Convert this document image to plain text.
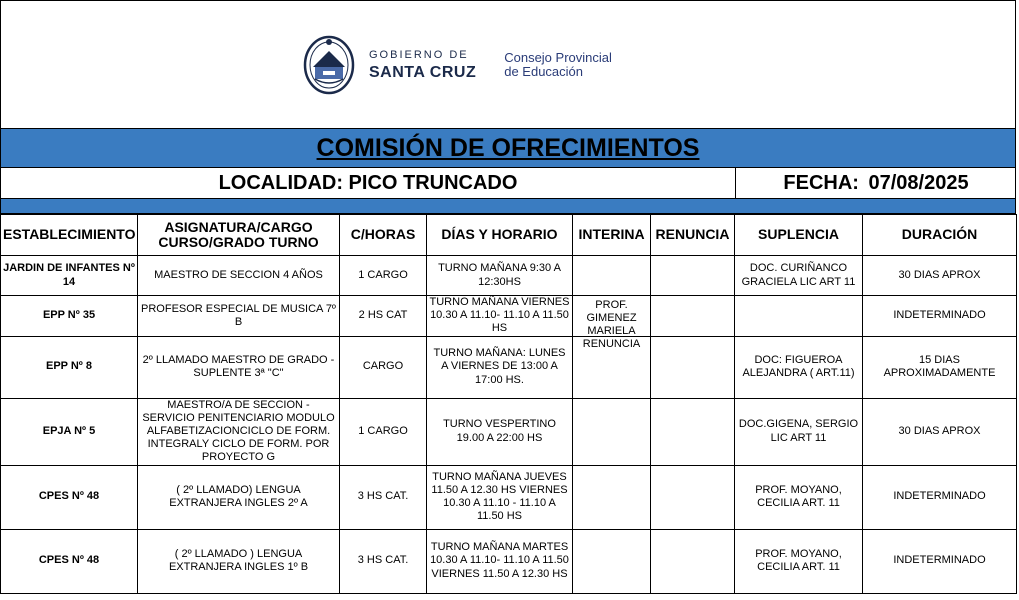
GOBIERNO DE
SANTA CRUZ
Consejo Provincial
de Educación
COMISIÓN DE OFRECIMIENTOS
LOCALIDAD: PICO TRUNCADO	FECHA: 07/08/2025
ESTABLECIMIENTO	ASIGNATURA/CARGO CURSO/GRADO TURNO	C/HORAS	DÍAS Y HORARIO	INTERINA	RENUNCIA	SUPLENCIA	DURACIÓN
JARDIN DE INFANTES Nº 14	MAESTRO DE SECCION 4 AÑOS	1 CARGO	TURNO MAÑANA 9:30 A 12:30HS			DOC. CURIÑANCO GRACIELA LIC ART 11	30 DIAS APROX
EPP Nº 35	PROFESOR ESPECIAL DE MUSICA 7º B	2 HS CAT	TURNO MAÑANA VIERNES 10.30 A 11.10- 11.10 A 11.50 HS	PROF. GIMENEZ MARIELA RENUNCIA			INDETERMINADO
EPP Nº 8	2º LLAMADO MAESTRO DE GRADO - SUPLENTE 3ª "C"	CARGO	TURNO MAÑANA: LUNES A VIERNES DE 13:00 A 17:00 HS.			DOC: FIGUEROA ALEJANDRA ( ART.11)	15 DIAS APROXIMADAMENTE
EPJA Nº 5	MAESTRO/A DE SECCION - SERVICIO PENITENCIARIO MODULO ALFABETIZACIONCICLO DE FORM. INTEGRALY CICLO DE FORM. POR PROYECTO G	1 CARGO	TURNO VESPERTINO 19.00 A 22:00 HS			DOC.GIGENA, SERGIO LIC ART 11	30 DIAS APROX
CPES Nº 48	( 2º LLAMADO) LENGUA EXTRANJERA INGLES 2º A	3 HS CAT.	TURNO MAÑANA JUEVES 11.50 A 12.30 HS VIERNES 10.30 A 11.10 - 11.10 A 11.50 HS			PROF. MOYANO, CECILIA ART. 11	INDETERMINADO
CPES Nº 48	( 2º LLAMADO ) LENGUA EXTRANJERA INGLES 1º B	3 HS CAT.	TURNO MAÑANA MARTES 10.30 A 11.10- 11.10 A 11.50 VIERNES 11.50 A 12.30 HS			PROF. MOYANO, CECILIA ART. 11	INDETERMINADO
